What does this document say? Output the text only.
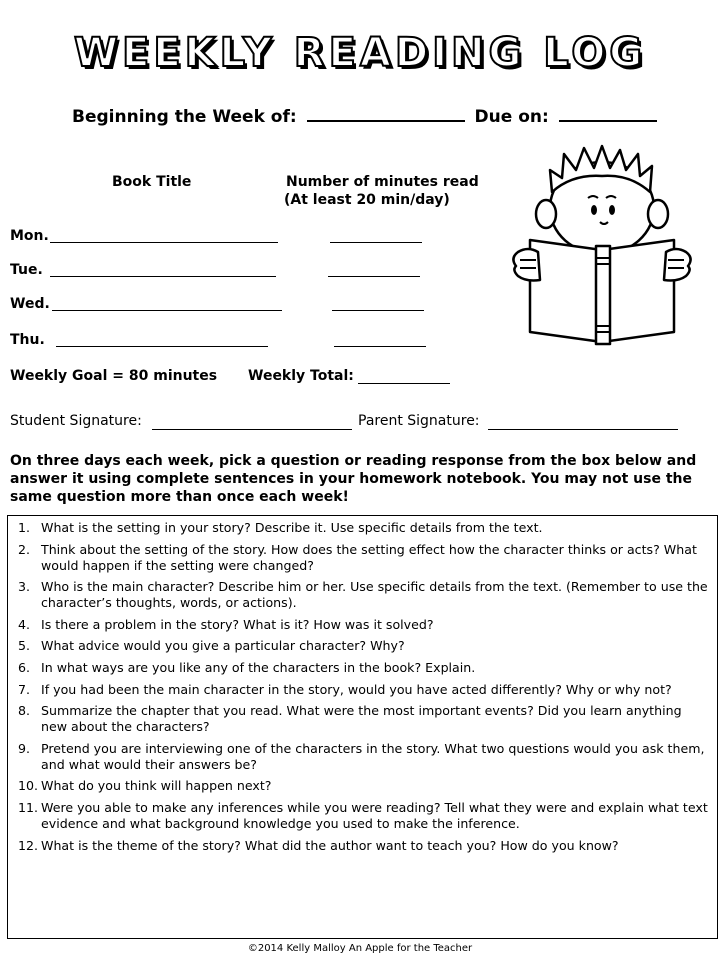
WEEKLY READING LOG
Beginning the Week of:	Due on:
Book Title	Number of minutes read
(At least 20 min/day)
Mon.
Tue.
Wed.
Thu.
Weekly Goal = 80 minutes Weekly Total:
Student Signature:	Parent Signature:
On three days each week, pick a question or reading response from the box below and answer it using complete sentences in your homework notebook. You may not use the same question more than once each week!
1. What is the setting in your story? Describe it. Use specific details from the text.
2. Think about the setting of the story. How does the setting effect how the character thinks or acts? What would happen if the setting were changed?
3. Who is the main character? Describe him or her. Use specific details from the text. (Remember to use the character’s thoughts, words, or actions).
4. Is there a problem in the story? What is it? How was it solved?
5. What advice would you give a particular character? Why?
6. In what ways are you like any of the characters in the book? Explain.
7. If you had been the main character in the story, would you have acted differently? Why or why not?
8. Summarize the chapter that you read. What were the most important events? Did you learn anything new about the characters?
9. Pretend you are interviewing one of the characters in the story. What two questions would you ask them, and what would their answers be?
10. What do you think will happen next?
11. Were you able to make any inferences while you were reading? Tell what they were and explain what text evidence and what background knowledge you used to make the inference.
12. What is the theme of the story? What did the author want to teach you? How do you know?
©2014 Kelly Malloy An Apple for the Teacher
